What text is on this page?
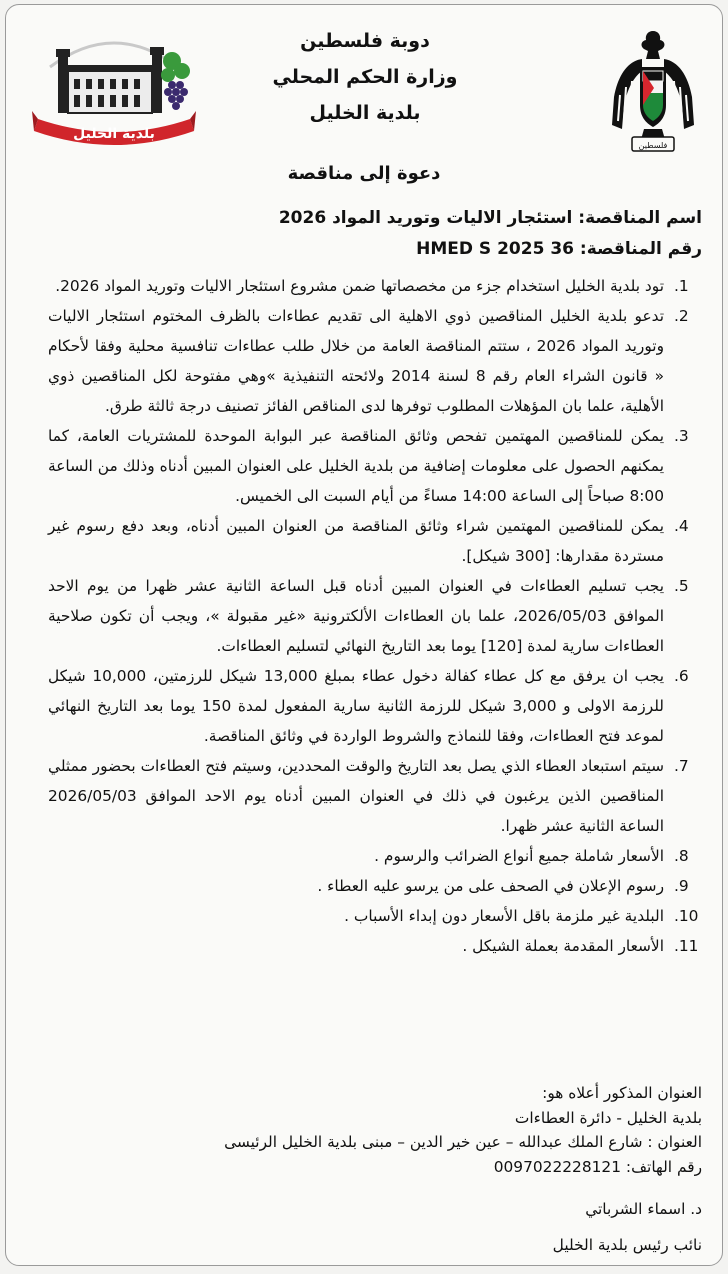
فلسطين
دوبة فلسطين
وزارة الحكم المحلي
بلدية الخليل
بلدية الخليل
دعوة إلى مناقصة
اسم المناقصة: استئجار الاليات وتوريد المواد 2026
رقم المناقصة: HMED S 2025 36
.1
تود بلدية الخليل استخدام جزء من مخصصاتها ضمن مشروع استئجار الاليات وتوريد المواد 2026.
.2
تدعو بلدية الخليل المناقصين ذوي الاهلية الى تقديم عطاءات بالظرف المختوم استئجار الاليات وتوريد المواد 2026 ، ستتم المناقصة العامة من خلال طلب عطاءات تنافسية محلية وفقا لأحكام « قانون الشراء العام رقم 8 لسنة 2014 ولائحته التنفيذية »وهي مفتوحة لكل المناقصين ذوي الأهلية، علما بان المؤهلات المطلوب توفرها لدى المناقص الفائز تصنيف درجة ثالثة طرق.
.3
يمكن للمناقصين المهتمين تفحص وثائق المناقصة عبر البوابة الموحدة للمشتريات العامة، كما يمكنهم الحصول على معلومات إضافية من بلدية الخليل على العنوان المبين أدناه وذلك من الساعة 8:00 صباحاً إلى الساعة 14:00 مساءً من أيام السبت الى الخميس.
.4
يمكن للمناقصين المهتمين شراء وثائق المناقصة من العنوان المبين أدناه، وبعد دفع رسوم غير مستردة مقدارها: [300 شيكل].
.5
يجب تسليم العطاءات في العنوان المبين أدناه قبل الساعة الثانية عشر ظهرا من يوم الاحد الموافق 2026/05/03، علما بان العطاءات الألكترونية «غير مقبولة »، ويجب أن تكون صلاحية العطاءات سارية لمدة [120] يوما بعد التاريخ النهائي لتسليم العطاءات.
.6
يجب ان يرفق مع كل عطاء كفالة دخول عطاء بمبلغ 13,000 شيكل للرزمتين، 10,000 شيكل للرزمة الاولى و 3,000 شيكل للرزمة الثانية سارية المفعول لمدة 150 يوما بعد التاريخ النهائي لموعد فتح العطاءات، وفقا للنماذج والشروط الواردة في وثائق المناقصة.
.7
سيتم استبعاد العطاء الذي يصل بعد التاريخ والوقت المحددين، وسيتم فتح العطاءات بحضور ممثلي المناقصين الذين يرغبون في ذلك في العنوان المبين أدناه يوم الاحد الموافق 2026/05/03 الساعة الثانية عشر ظهرا.
.8
الأسعار شاملة جميع أنواع الضرائب والرسوم .
.9
رسوم الإعلان في الصحف على من يرسو عليه العطاء .
.10
البلدية غير ملزمة باقل الأسعار دون إبداء الأسباب .
.11
الأسعار المقدمة بعملة الشيكل .
العنوان المذكور أعلاه هو:
بلدية الخليل - دائرة العطاءات
العنوان : شارع الملك عبدالله – عين خير الدين – مبنى بلدية الخليل الرئيسى
رقم الهاتف: 0097022228121
د. اسماء الشرباتي
نائب رئيس بلدية الخليل
